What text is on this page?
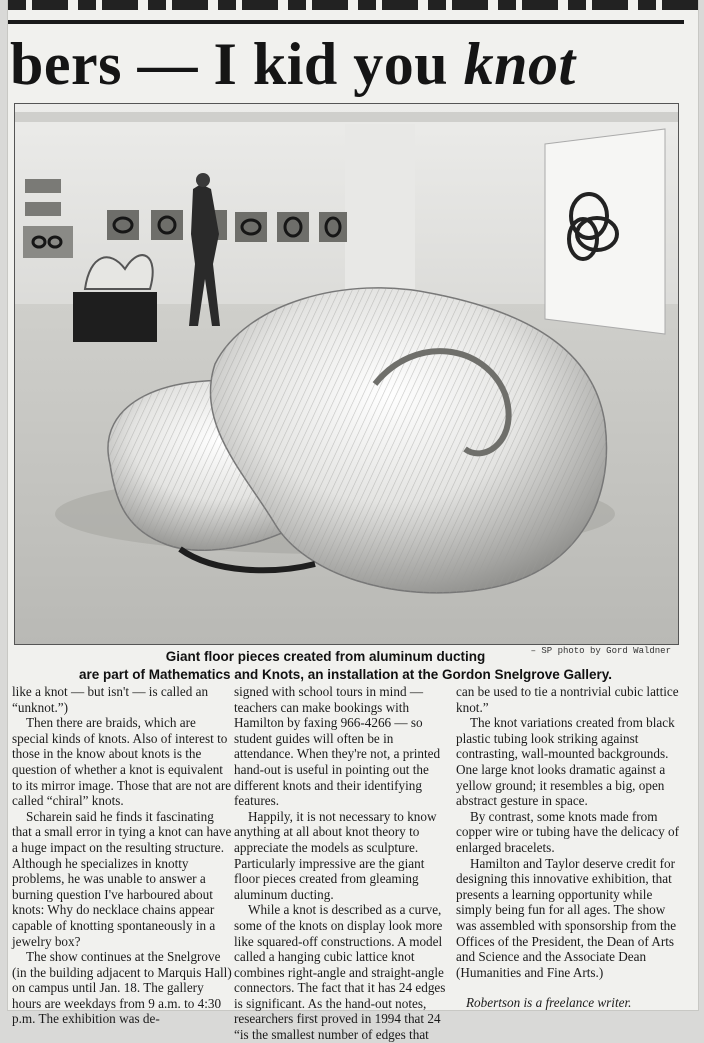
bers — I kid you knot
– SP photo by Gord Waldner
Giant floor pieces created from aluminum ducting
are part of Mathematics and Knots, an installation at the Gordon Snelgrove Gallery.

like a knot — but isn't — is called an “unknot.”)

Then there are braids, which are special kinds of knots. Also of interest to those in the know about knots is the question of whether a knot is equivalent to its mirror image. Those that are not are called “chiral” knots.

Scharein said he finds it fascinating that a small error in tying a knot can have a huge impact on the resulting structure. Although he specializes in knotty problems, he was unable to answer a burning question I've harboured about knots: Why do necklace chains appear capable of knotting spontaneously in a jewelry box?

The show continues at the Snelgrove (in the building adjacent to Marquis Hall) on campus until Jan. 18. The gallery hours are weekdays from 9 a.m. to 4:30 p.m. The exhibition was de-

signed with school tours in mind — teachers can make bookings with Hamilton by faxing 966-4266 — so student guides will often be in attendance. When they're not, a printed hand-out is useful in pointing out the different knots and their identifying features.

Happily, it is not necessary to know anything at all about knot theory to appreciate the models as sculpture. Particularly impressive are the giant floor pieces created from gleaming aluminum ducting.

While a knot is described as a curve, some of the knots on display look more like squared-off constructions. A model called a hanging cubic lattice knot combines right-angle and straight-angle connectors. The fact that it has 24 edges is significant. As the hand-out notes, researchers first proved in 1994 that 24 “is the smallest number of edges that

can be used to tie a nontrivial cubic lattice knot.”

The knot variations created from black plastic tubing look striking against contrasting, wall-mounted backgrounds. One large knot looks dramatic against a yellow ground; it resembles a big, open abstract gesture in space.

By contrast, some knots made from copper wire or tubing have the delicacy of enlarged bracelets.

Hamilton and Taylor deserve credit for designing this innovative exhibition, that presents a learning opportunity while simply being fun for all ages. The show was assembled with sponsorship from the Offices of the President, the Dean of Arts and Science and the Associate Dean (Humanities and Fine Arts.)

Robertson is a freelance writer.
